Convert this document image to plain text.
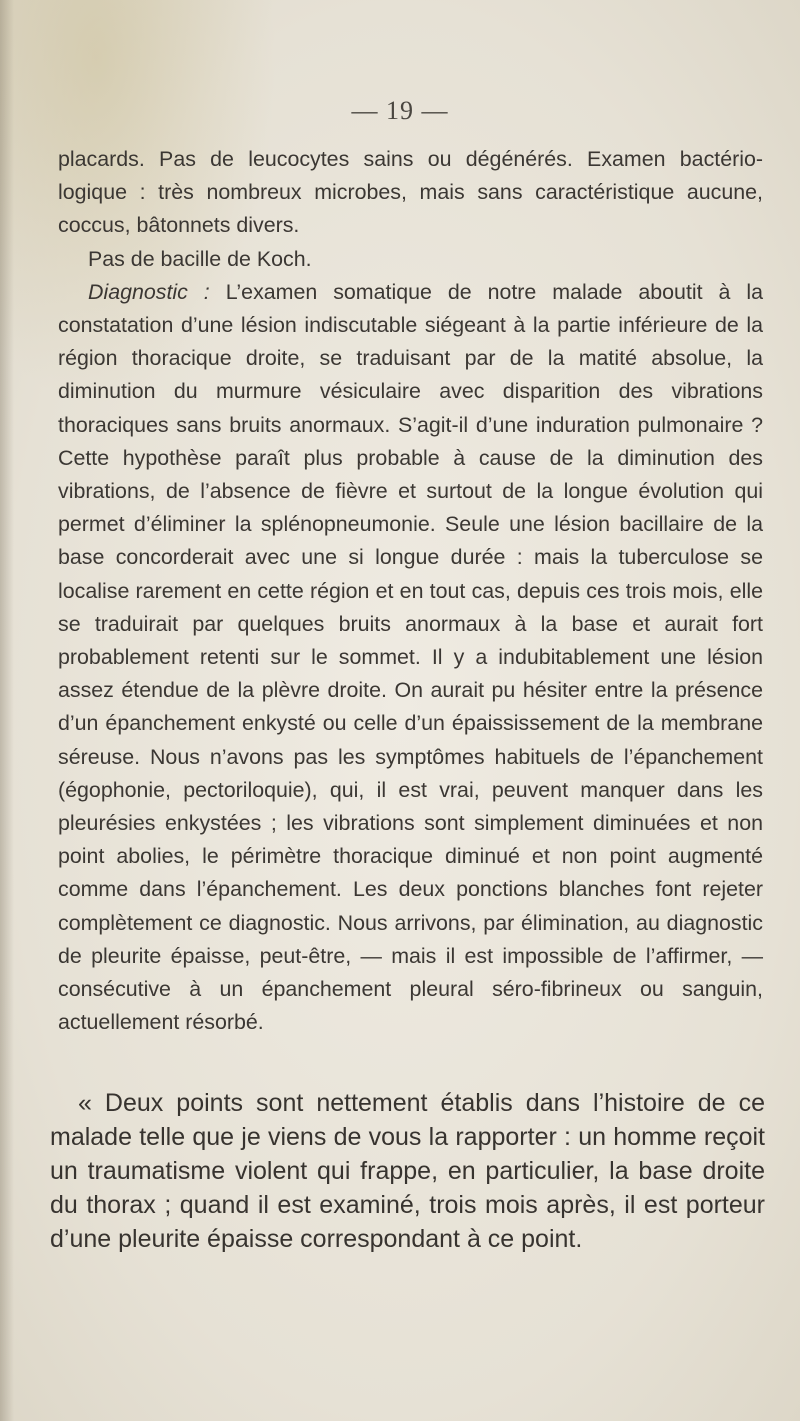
— 19 —

placards. Pas de leucocytes sains ou dégénérés. Examen bactério-logique : très nombreux microbes, mais sans caractéristique aucune, coccus, bâtonnets divers.

Pas de bacille de Koch.

Diagnostic : L’examen somatique de notre malade aboutit à la constatation d’une lésion indiscutable siégeant à la partie inférieure de la région thoracique droite, se traduisant par de la matité absolue, la diminution du murmure vésiculaire avec disparition des vibrations thoraciques sans bruits anormaux. S’agit-il d’une induration pulmonaire ? Cette hypothèse paraît plus probable à cause de la diminution des vibrations, de l’absence de fièvre et surtout de la longue évolution qui permet d’éliminer la splénopneumonie. Seule une lésion bacillaire de la base concorderait avec une si longue durée : mais la tuberculose se localise rarement en cette région et en tout cas, depuis ces trois mois, elle se traduirait par quelques bruits anormaux à la base et aurait fort probablement retenti sur le sommet. Il y a indubitablement une lésion assez étendue de la plèvre droite. On aurait pu hésiter entre la présence d’un épanchement enkysté ou celle d’un épaississement de la membrane séreuse. Nous n’avons pas les symptômes habituels de l’épanchement (égophonie, pectoriloquie), qui, il est vrai, peuvent manquer dans les pleurésies enkystées ; les vibrations sont simplement diminuées et non point abolies, le périmètre thoracique diminué et non point augmenté comme dans l’épanchement. Les deux ponctions blanches font rejeter complètement ce diagnostic. Nous arrivons, par élimination, au diagnostic de pleurite épaisse, peut-être, — mais il est impossible de l’affirmer, — consécutive à un épanchement pleural séro-fibrineux ou sanguin, actuellement résorbé.

« Deux points sont nettement établis dans l’histoire de ce malade telle que je viens de vous la rapporter : un homme reçoit un traumatisme violent qui frappe, en particulier, la base droite du thorax ; quand il est examiné, trois mois après, il est porteur d’une pleurite épaisse correspondant à ce point.
